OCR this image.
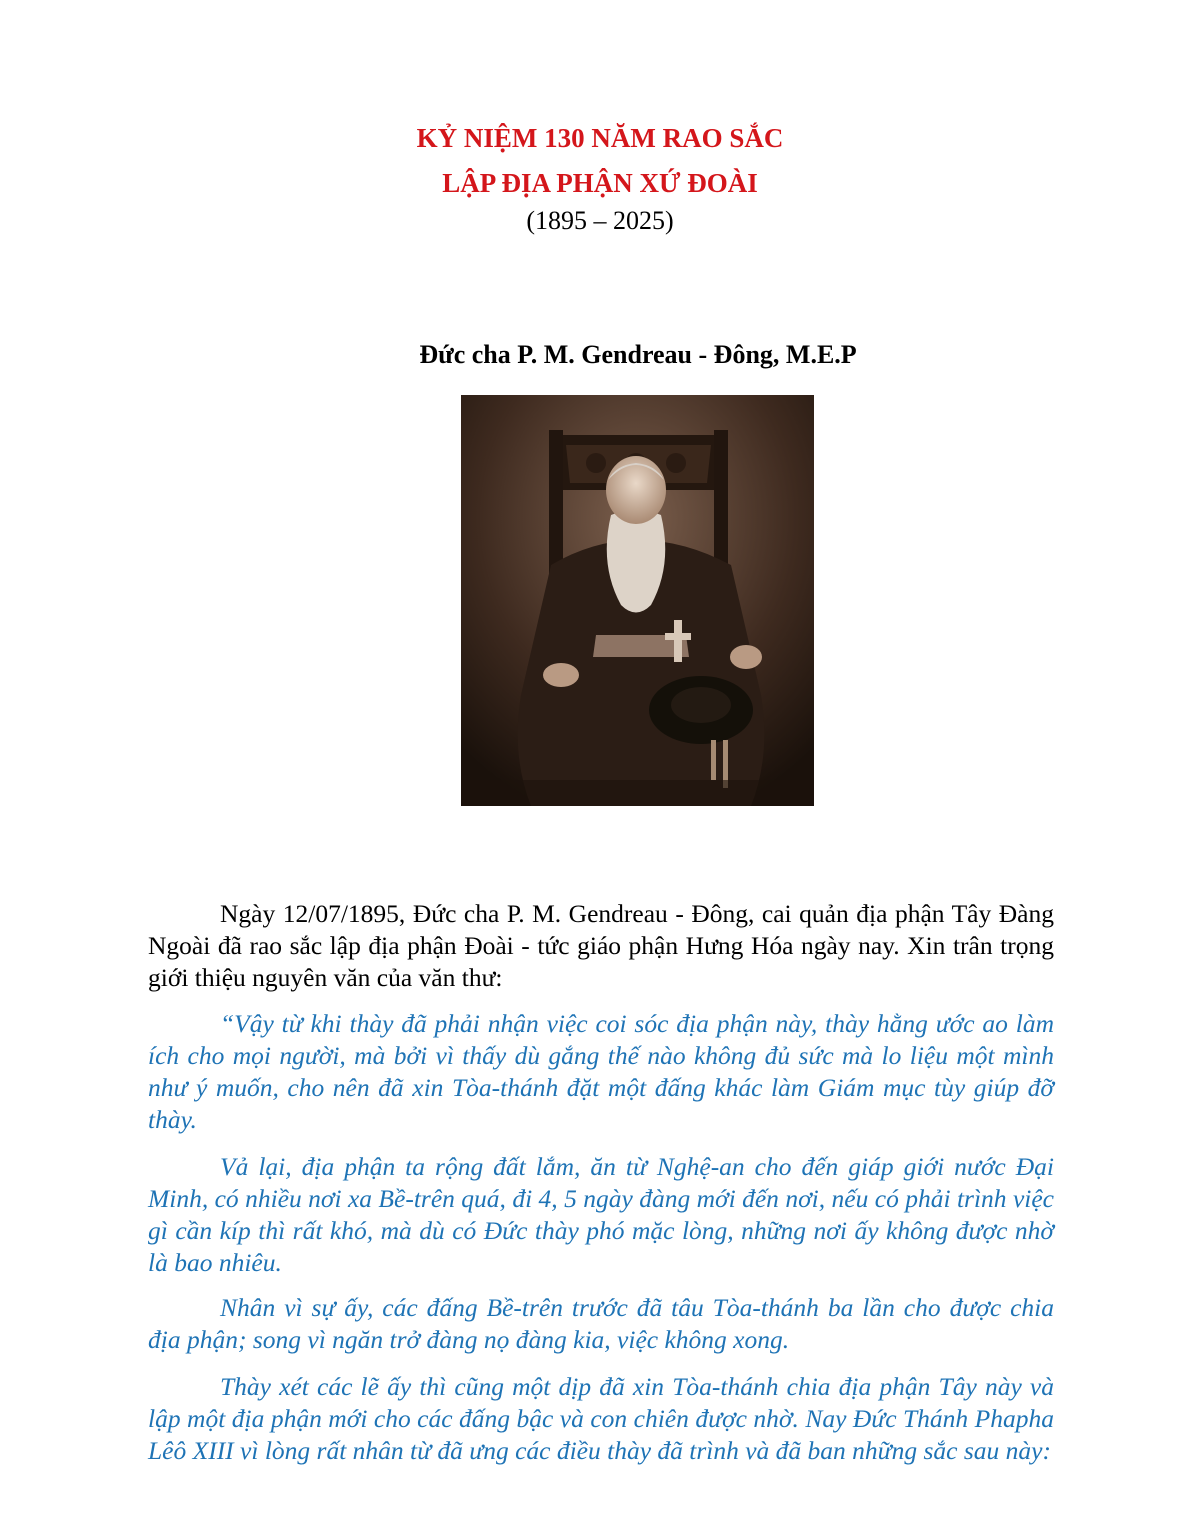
KỶ NIỆM 130 NĂM RAO SẮC
LẬP ĐỊA PHẬN XỨ ĐOÀI
(1895 – 2025)
Đức cha P. M. Gendreau - Đông, M.E.P

Ngày 12/07/1895, Đức cha P. M. Gendreau - Đông, cai quản địa phận Tây Đàng Ngoài đã rao sắc lập địa phận Đoài - tức giáo phận Hưng Hóa ngày nay. Xin trân trọng giới thiệu nguyên văn của văn thư:

“Vậy từ khi thày đã phải nhận việc coi sóc địa phận này, thày hằng ước ao làm ích cho mọi người, mà bởi vì thấy dù gắng thế nào không đủ sức mà lo liệu một mình như ý muốn, cho nên đã xin Tòa-thánh đặt một đấng khác làm Giám mục tùy giúp đỡ thày.

Vả lại, địa phận ta rộng đất lắm, ăn từ Nghệ-an cho đến giáp giới nước Đại Minh, có nhiều nơi xa Bề-trên quá, đi 4, 5 ngày đàng mới đến nơi, nếu có phải trình việc gì cần kíp thì rất khó, mà dù có Đức thày phó mặc lòng, những nơi ấy không được nhờ là bao nhiêu.

Nhân vì sự ấy, các đấng Bề-trên trước đã tâu Tòa-thánh ba lần cho được chia địa phận; song vì ngăn trở đàng nọ đàng kia, việc không xong.

Thày xét các lẽ ấy thì cũng một dịp đã xin Tòa-thánh chia địa phận Tây này và lập một địa phận mới cho các đấng bậc và con chiên được nhờ. Nay Đức Thánh Phapha Lêô XIII vì lòng rất nhân từ đã ưng các điều thày đã trình và đã ban những sắc sau này:
